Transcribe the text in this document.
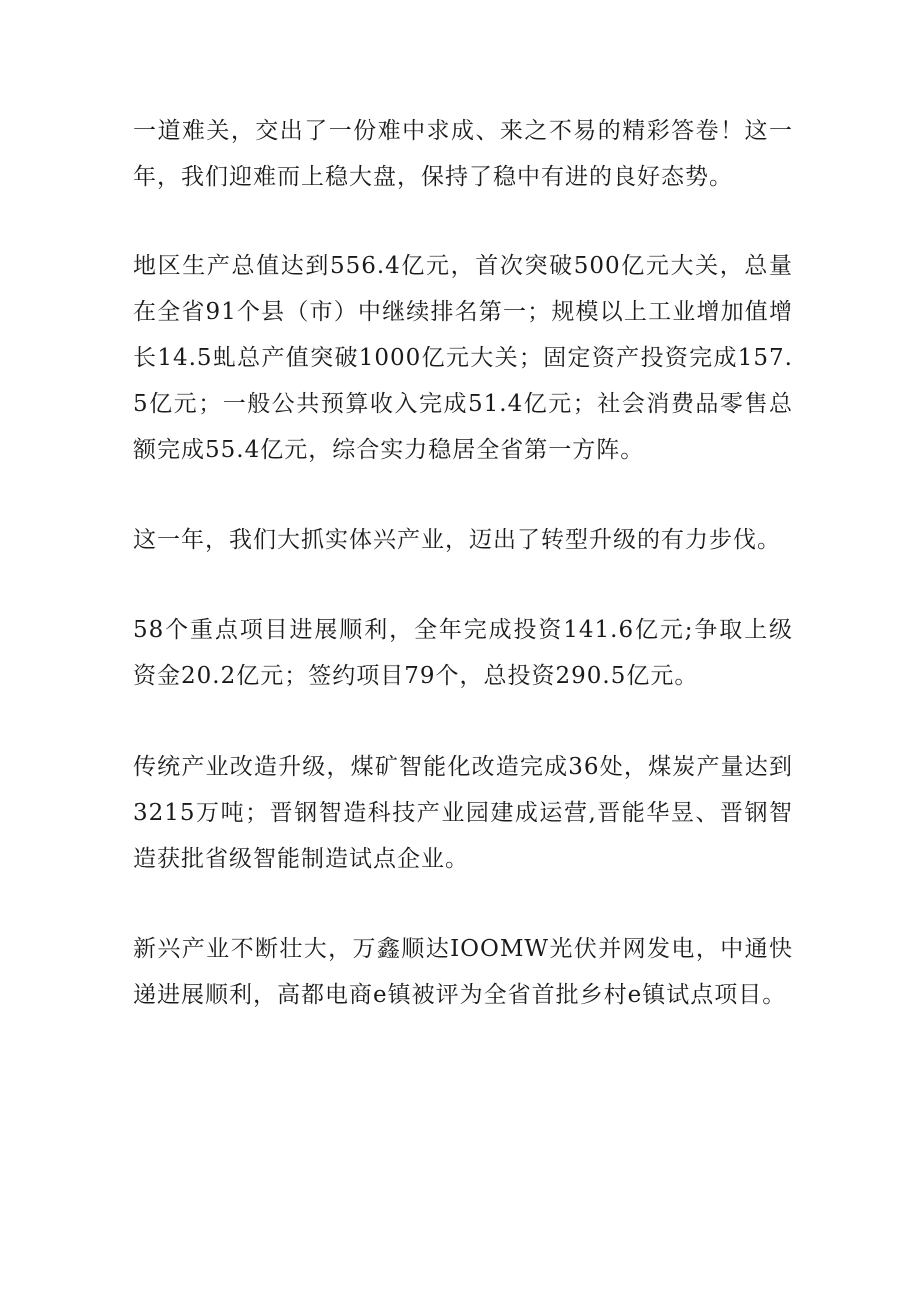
一道难关，交出了一份难中求成、来之不易的精彩答卷！这一年，我们迎难而上稳大盘，保持了稳中有进的良好态势。

地区生产总值达到556.4亿元，首次突破500亿元大关，总量在全省91个县（市）中继续排名第一；规模以上工业增加值增长14.5虬总产值突破1000亿元大关；固定资产投资完成157.5亿元；一般公共预算收入完成51.4亿元；社会消费品零售总额完成55.4亿元，综合实力稳居全省第一方阵。

这一年，我们大抓实体兴产业，迈出了转型升级的有力步伐。

58个重点项目进展顺利，全年完成投资141.6亿元;争取上级资金20.2亿元；签约项目79个，总投资290.5亿元。

传统产业改造升级，煤矿智能化改造完成36处，煤炭产量达到3215万吨；晋钢智造科技产业园建成运营,晋能华昱、晋钢智造获批省级智能制造试点企业。

新兴产业不断壮大，万鑫顺达IOOMW光伏并网发电，中通快递进展顺利，高都电商e镇被评为全省首批乡村e镇试点项目。
